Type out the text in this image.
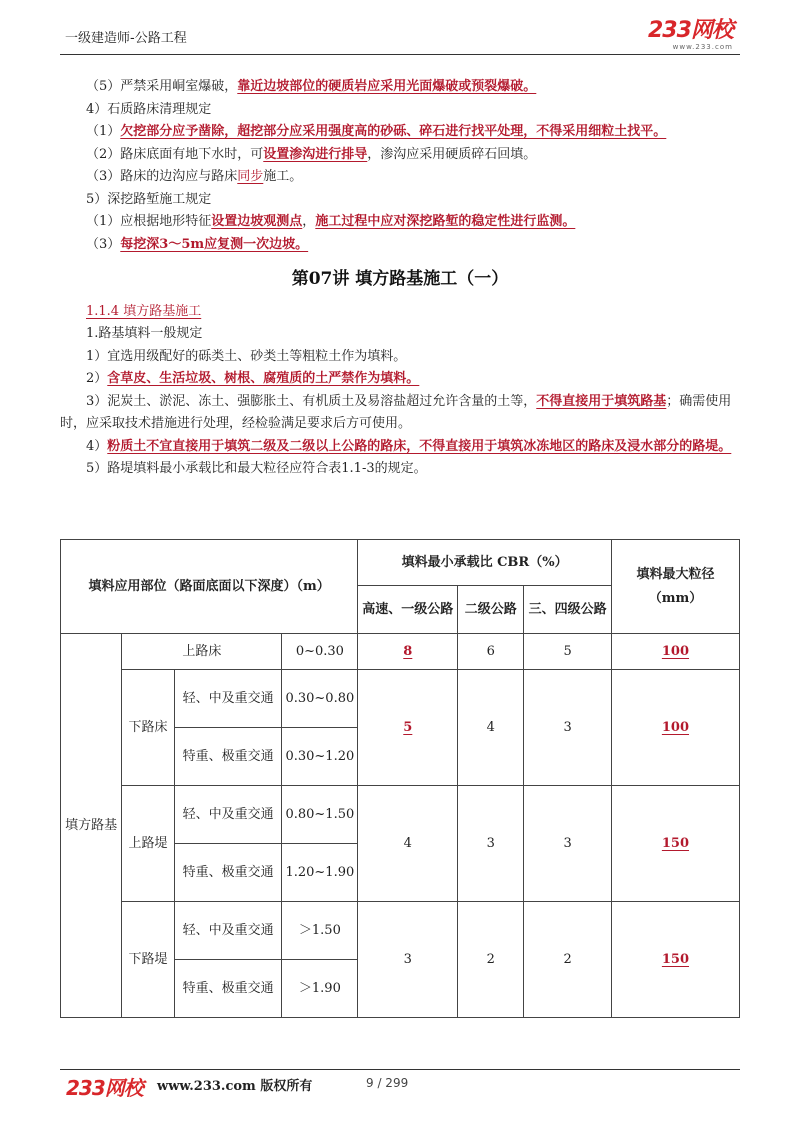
一级建造师-公路工程	233网校
www.233.com

（5）严禁采用峒室爆破，靠近边坡部位的硬质岩应采用光面爆破或预裂爆破。

4）石质路床清理规定

（1）欠挖部分应予凿除，超挖部分应采用强度高的砂砾、碎石进行找平处理，不得采用细粒土找平。

（2）路床底面有地下水时，可设置渗沟进行排导，渗沟应采用硬质碎石回填。

（3）路床的边沟应与路床同步施工。

5）深挖路堑施工规定

（1）应根据地形特征设置边坡观测点，施工过程中应对深挖路堑的稳定性进行监测。

（3）每挖深3～5m应复测一次边坡。

第07讲 填方路基施工（一）

1.1.4 填方路基施工

1.路基填料一般规定

1）宜选用级配好的砾类土、砂类土等粗粒土作为填料。

2）含草皮、生活垃圾、树根、腐殖质的土严禁作为填料。

3）泥炭土、淤泥、冻土、强膨胀土、有机质土及易溶盐超过允许含量的土等，不得直接用于填筑路基；确需使用时，应采取技术措施进行处理，经检验满足要求后方可使用。

4）粉质土不宜直接用于填筑二级及二级以上公路的路床，不得直接用于填筑冰冻地区的路床及浸水部分的路堤。

5）路堤填料最小承载比和最大粒径应符合表1.1-3的规定。

填料应用部位（路面底面以下深度）（m）				填料最小承载比 CBR（%）			填料最大粒径（mm）
				高速、一级公路	二级公路	三、四级公路	
填方路基	上路床		0~0.30	8	6	5	100
	下路床	轻、中及重交通	0.30~0.80	5	4	3	100
		特重、极重交通	0.30~1.20				
	上路堤	轻、中及重交通	0.80~1.50	4	3	3	150
		特重、极重交通	1.20~1.90				
	下路堤	轻、中及重交通	＞1.50	3	2	2	150
		特重、极重交通	＞1.90				
233网校 www.233.com 版权所有	9 / 299
